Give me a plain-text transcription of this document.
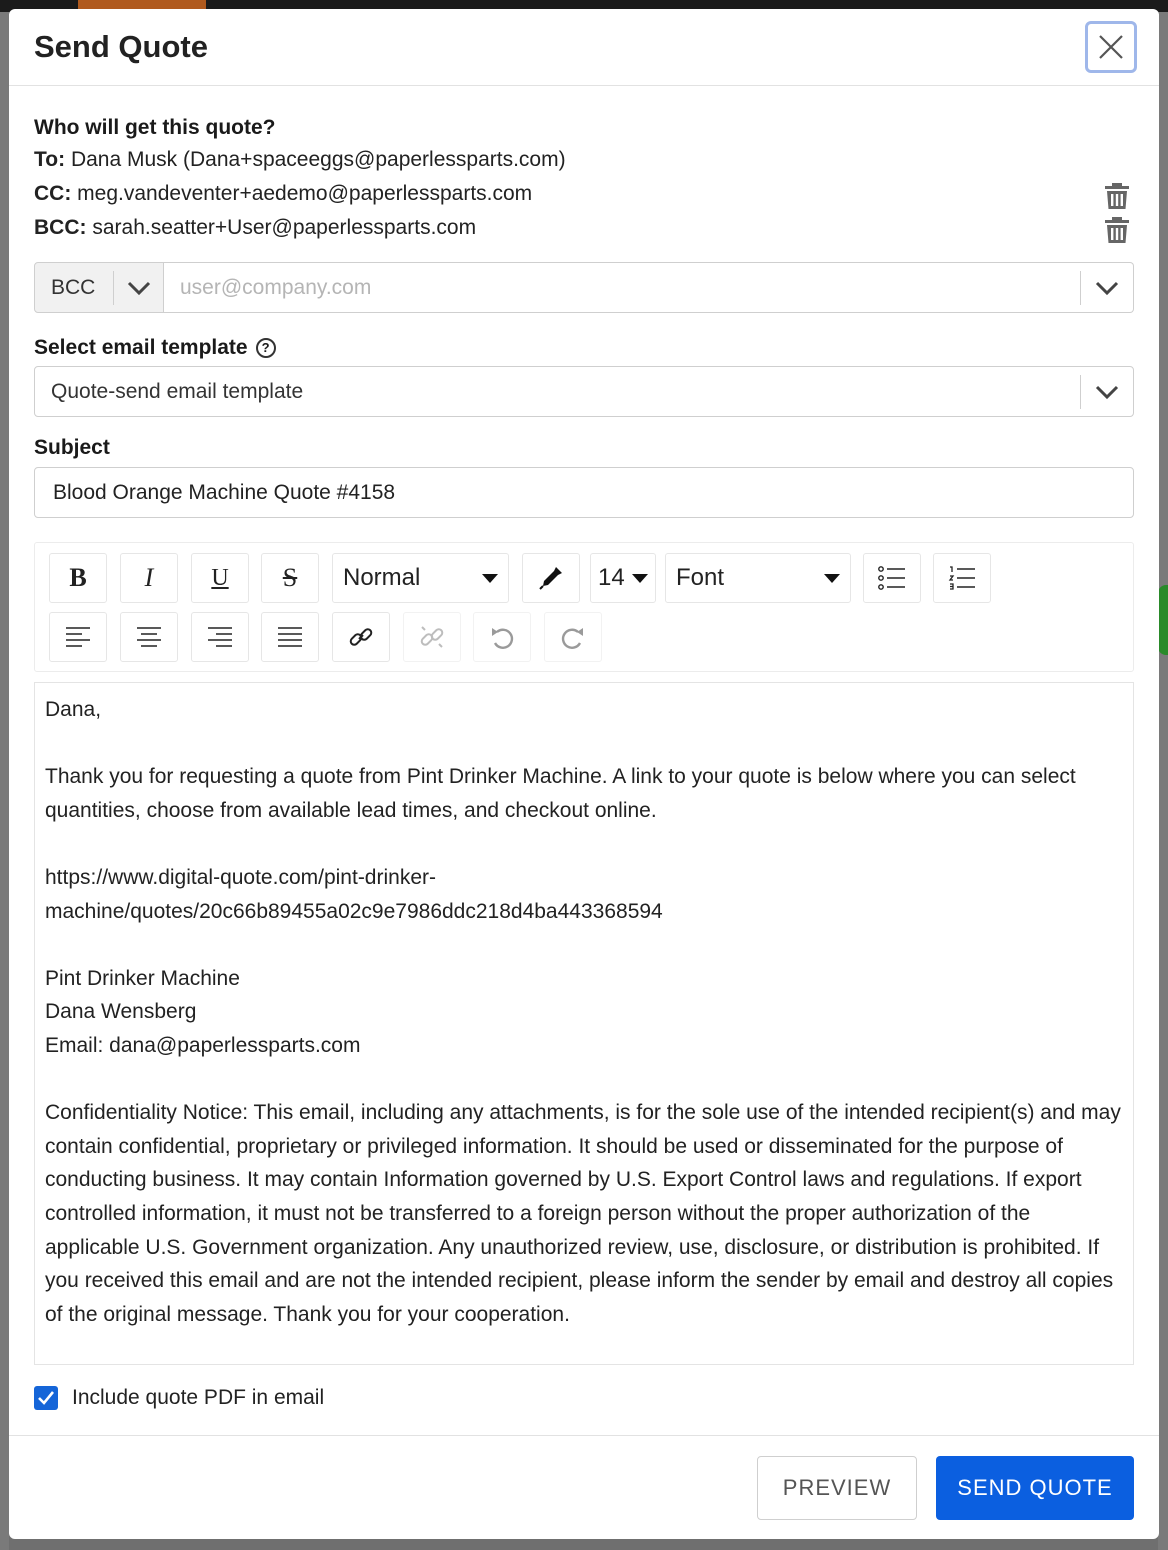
Send Quote
Who will get this quote?
To: Dana Musk (Dana+spaceeggs@paperlessparts.com)
CC: meg.vandeventer+aedemo@paperlessparts.com
BCC: sarah.seatter+User@paperlessparts.com
BCC	user@company.com
Select email template ?
Quote-send email template
Subject
Blood Orange Machine Quote #4158
B	I	U	S	Normal	14 Font

Dana,

Thank you for requesting a quote from Pint Drinker Machine. A link to your quote is below where you can select quantities, choose from available lead times, and checkout online.

https://www.digital-quote.com/pint-drinker-

machine/quotes/20c66b89455a02c9e7986ddc218d4ba443368594

Pint Drinker Machine

Dana Wensberg

Email: dana@paperlessparts.com

Confidentiality Notice: This email, including any attachments, is for the sole use of the intended recipient(s) and may contain confidential, proprietary or privileged information. It should be used or disseminated for the purpose of conducting business. It may contain Information governed by U.S. Export Control laws and regulations. If export controlled information, it must not be transferred to a foreign person without the proper authorization of the applicable U.S. Government organization. Any unauthorized review, use, disclosure, or distribution is prohibited. If you received this email and are not the intended recipient, please inform the sender by email and destroy all copies of the original message. Thank you for your cooperation.

Include quote PDF in email
PREVIEW	SEND QUOTE
